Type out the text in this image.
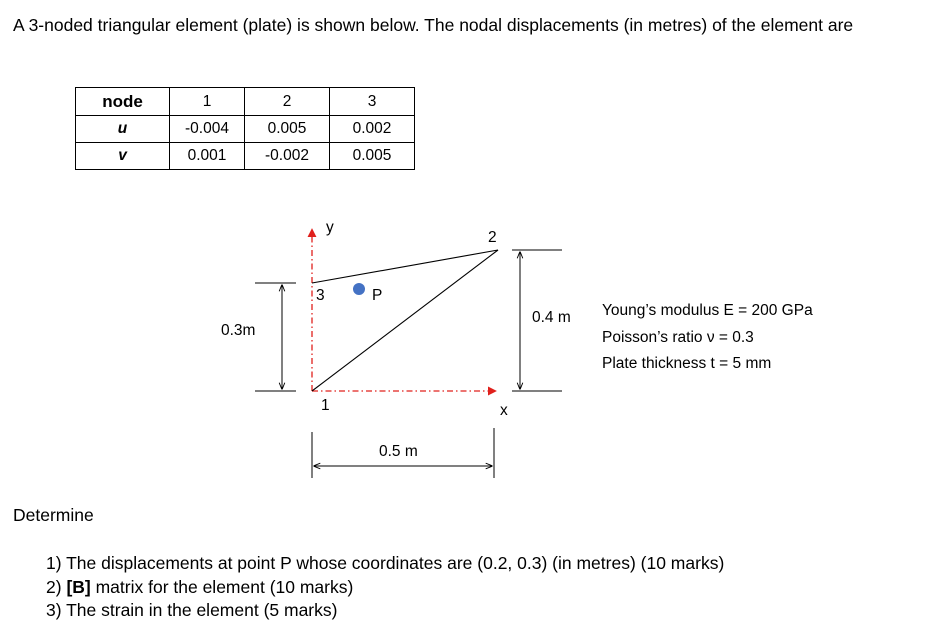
A 3-noded triangular element (plate) is shown below. The nodal displacements (in metres) of the element are
node	1	2	3
u	-0.004	0.005	0.002
v	0.001	-0.002	0.005
y
x
2
3
1
P
0.3m
0.4 m
0.5 m
Young’s modulus E = 200 GPa
Poisson’s ratio ν = 0.3
Plate thickness t = 5 mm
Determine
1) The displacements at point P whose coordinates are (0.2, 0.3) (in metres) (10 marks)
2) [B] matrix for the element (10 marks)
3) The strain in the element (5 marks)
